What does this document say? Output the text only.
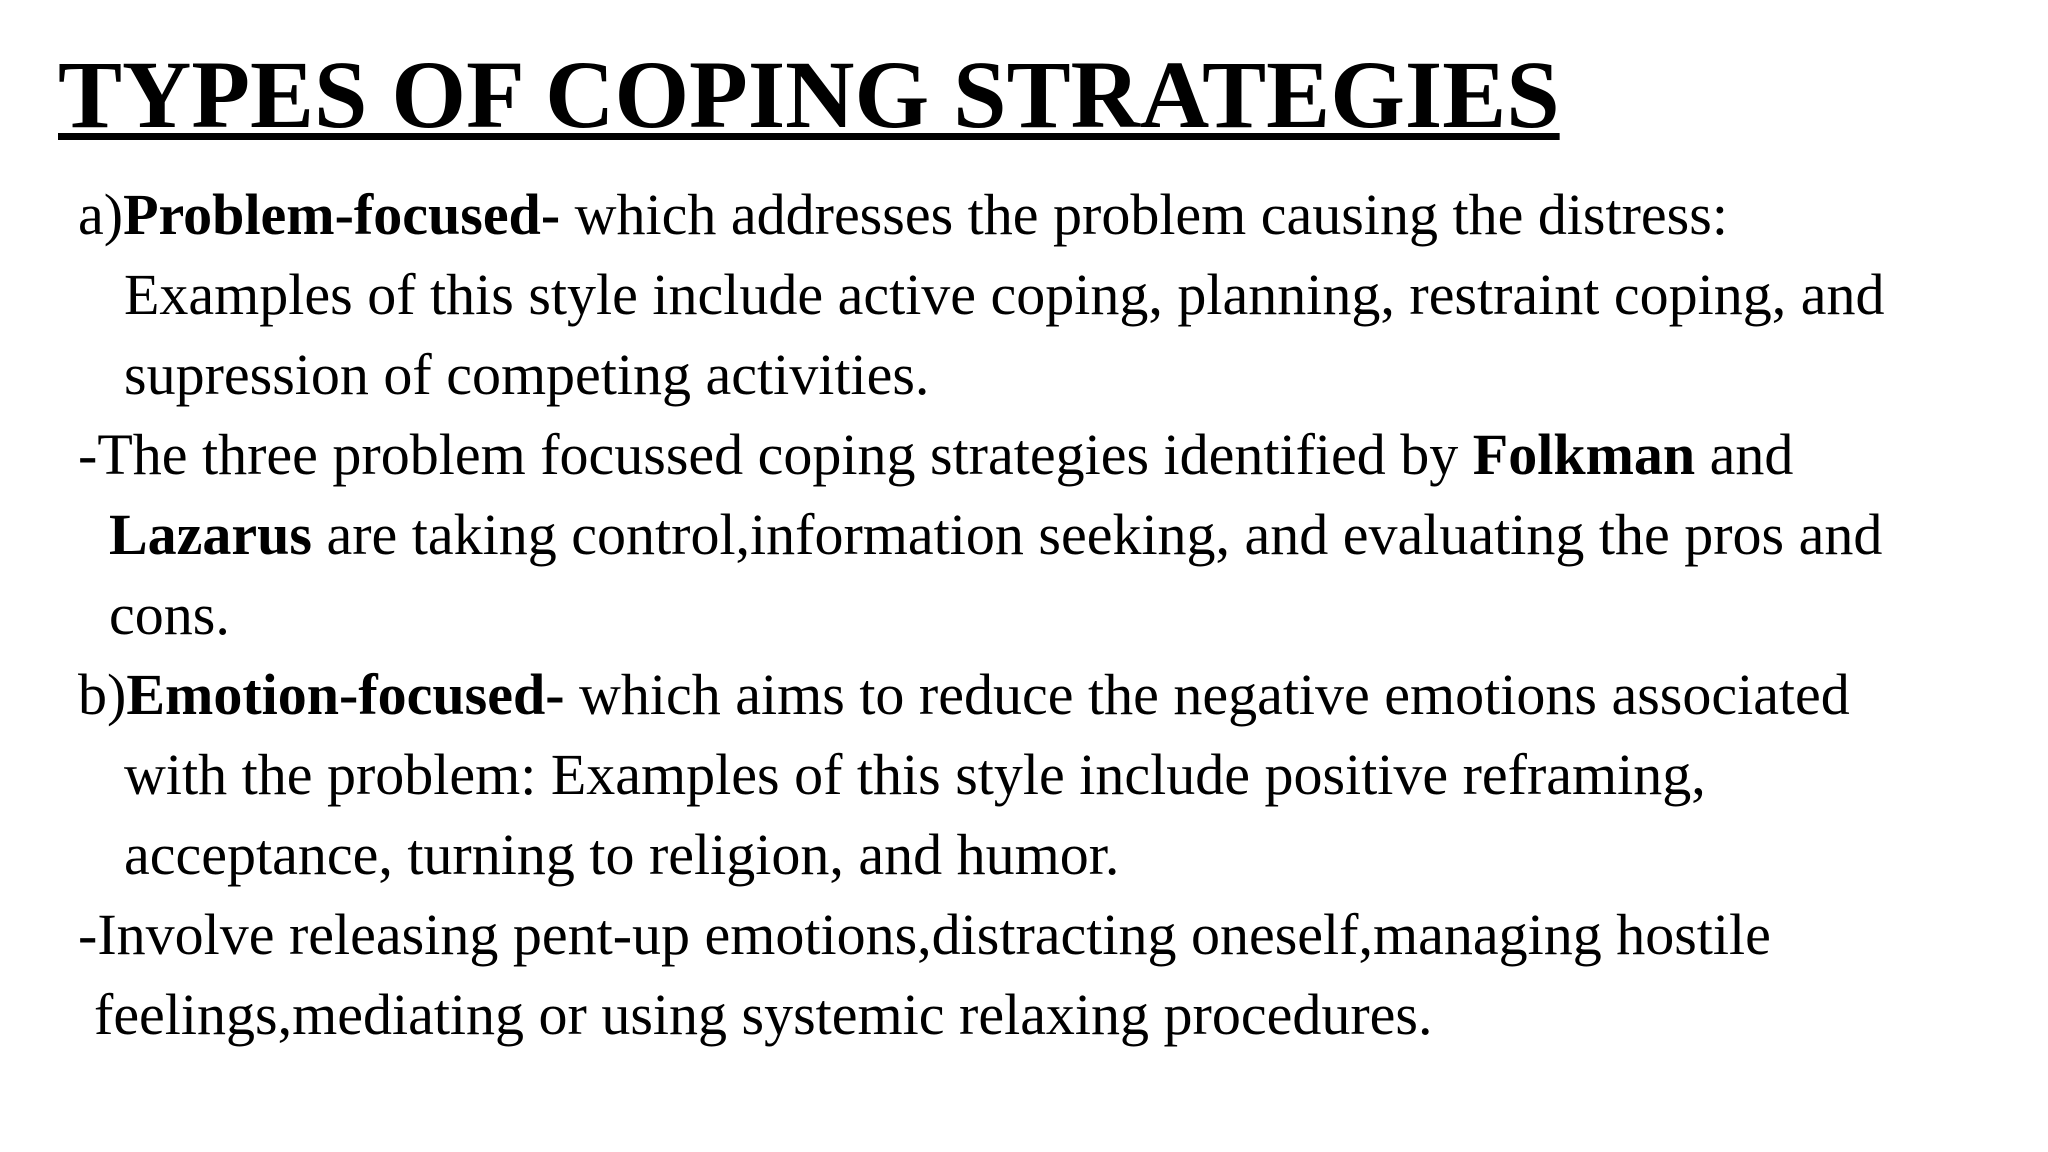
TYPES OF COPING STRATEGIES
a)Problem-focused- which addresses the problem causing the distress:
Examples of this style include active coping, planning, restraint coping, and
supression of competing activities.
-The three problem focussed coping strategies identified by Folkman and
Lazarus are taking control,information seeking, and evaluating the pros and
cons.
b)Emotion-focused- which aims to reduce the negative emotions associated
with the problem: Examples of this style include positive reframing,
acceptance, turning to religion, and humor.
-Involve releasing pent-up emotions,distracting oneself,managing hostile
feelings,mediating or using systemic relaxing procedures.
